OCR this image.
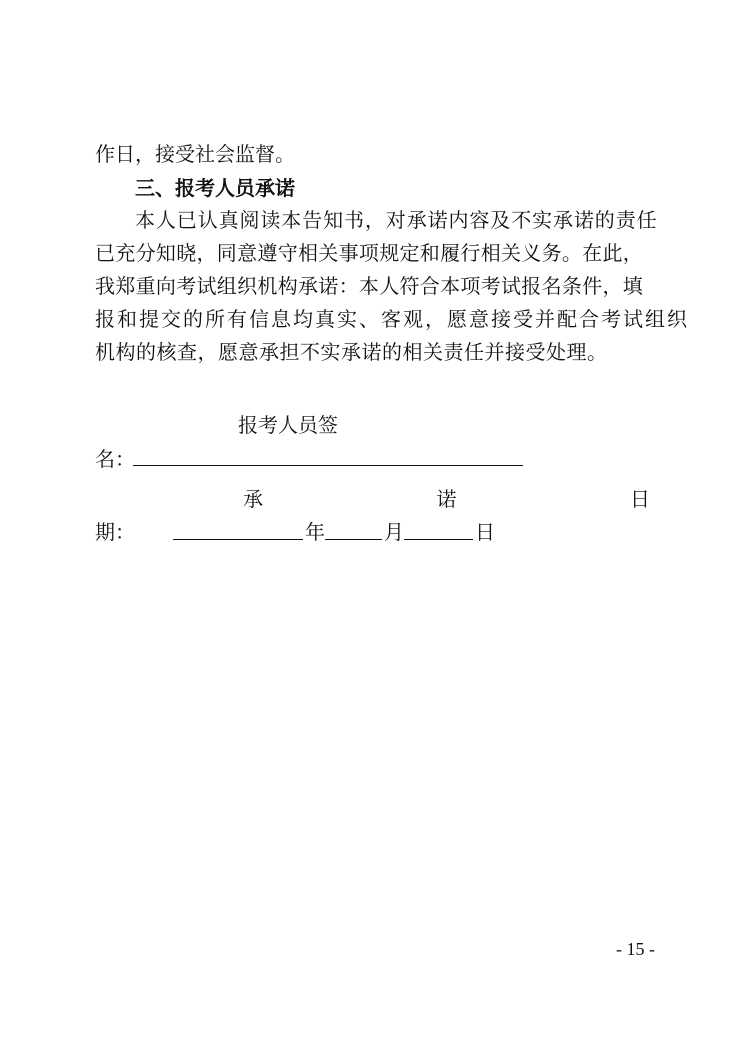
作日，接受社会监督。
三、报考人员承诺
本人已认真阅读本告知书，对承诺内容及不实承诺的责任
已充分知晓，同意遵守相关事项规定和履行相关义务。在此，
我郑重向考试组织机构承诺：本人符合本项考试报名条件，填
报和提交的所有信息均真实、客观，愿意接受并配合考试组织
机构的核查，愿意承担不实承诺的相关责任并接受处理。
报考人员签
名：
承	诺	日
期：	年	月	日
- 15 -
